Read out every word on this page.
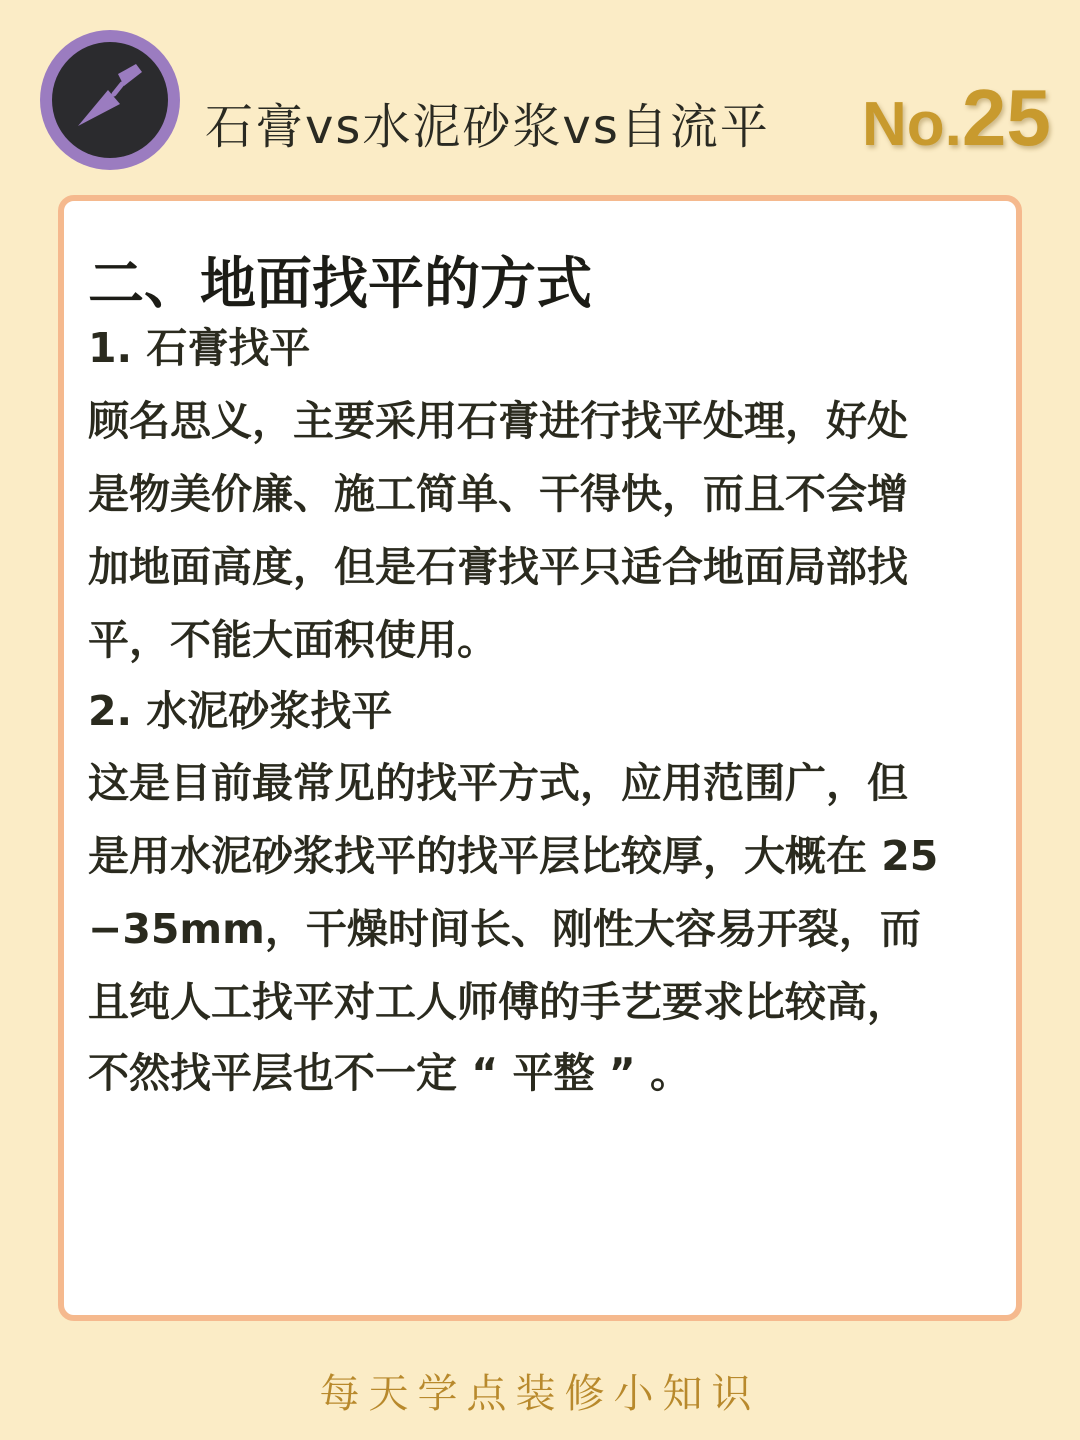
石膏vs水泥砂浆vs自流平 No.25
二、地面找平的方式
1. 石膏找平
顾名思义，主要采用石膏进行找平处理，好处
是物美价廉、施工简单、干得快，而且不会增
加地面高度，但是石膏找平只适合地面局部找
平，不能大面积使用。
2. 水泥砂浆找平
这是目前最常见的找平方式，应用范围广，但
是用水泥砂浆找平的找平层比较厚，大概在 25
−35mm，干燥时间长、刚性大容易开裂，而
且纯人工找平对工人师傅的手艺要求比较高，
不然找平层也不一定 “ 平整 ” 。
每天学点装修小知识
